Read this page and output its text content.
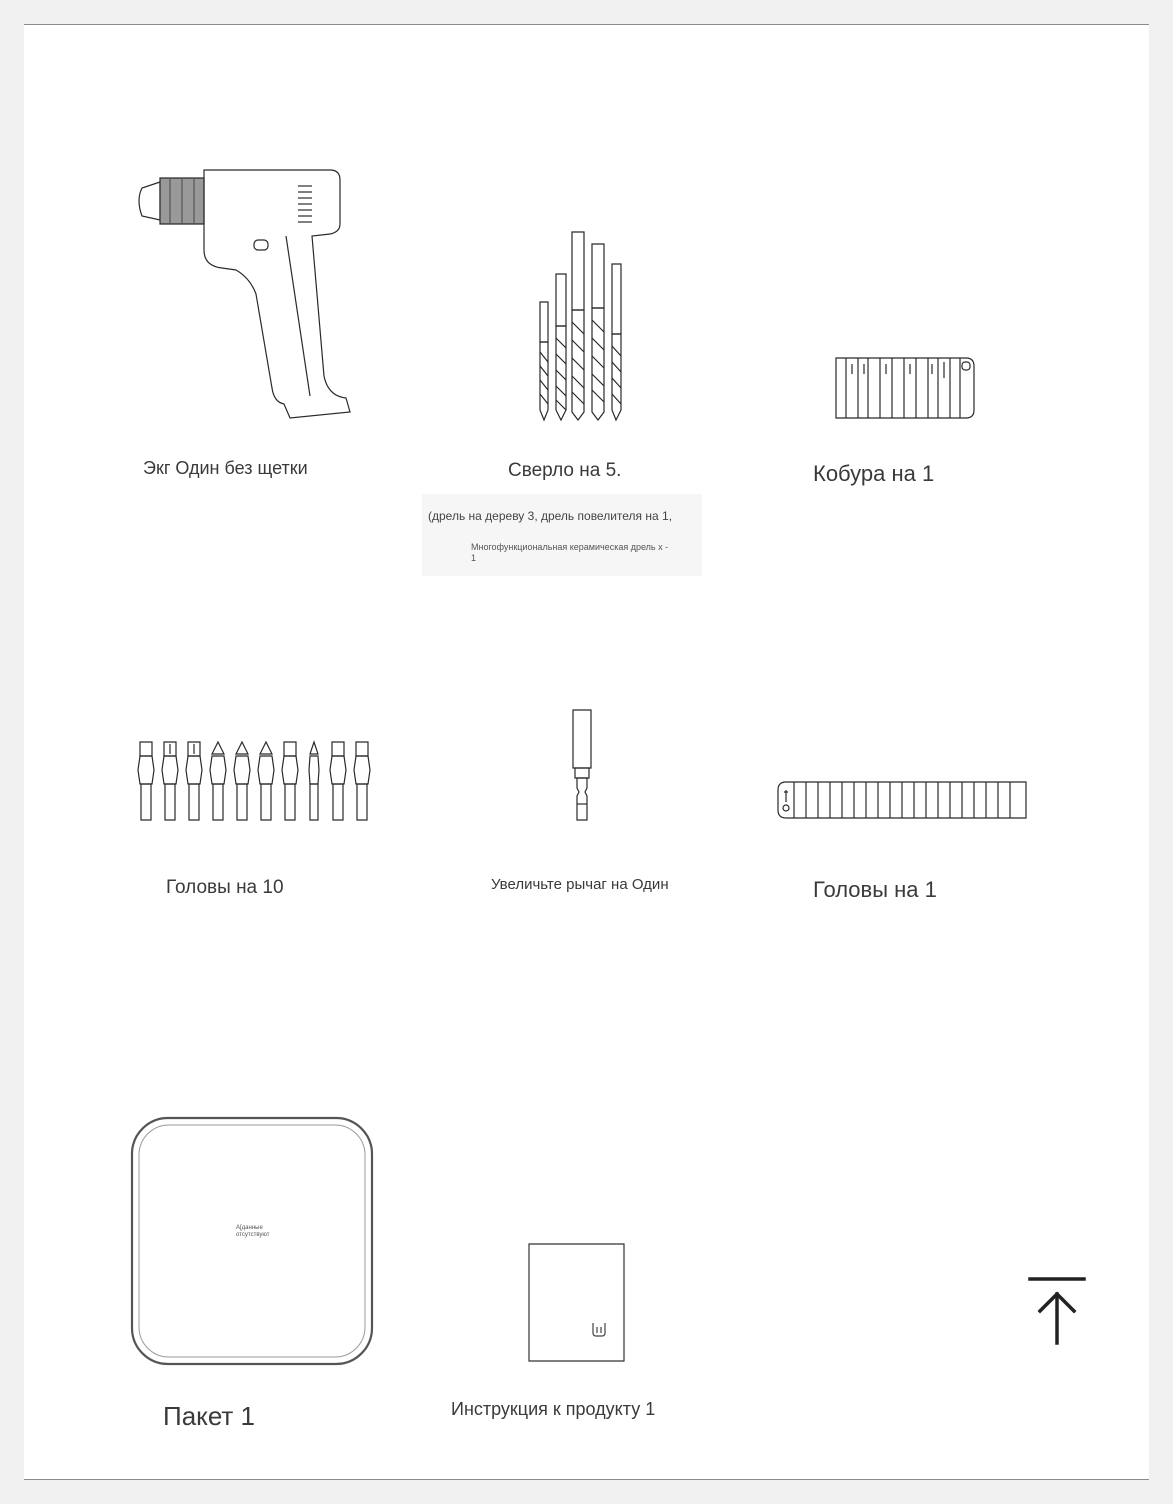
Экг Один без щетки	Сверло на 5.
(дрель на дереву 3, дрель повелителя на 1,
Многофункциональная керамическая дрель x -
1
Кобура на 1
Головы на 10	Увеличьте рычаг на Один	Головы на 1
A[данные
отсутствуют
Пакет 1	Инструкция к продукту 1
